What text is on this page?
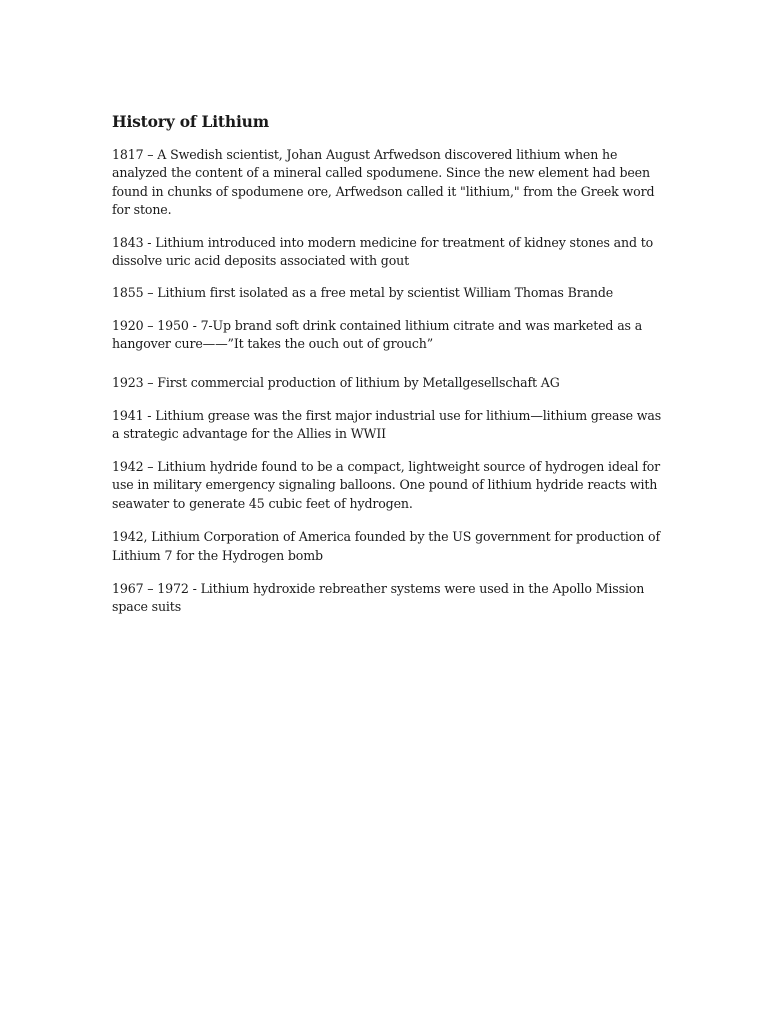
History of Lithium

1817 – A Swedish scientist, Johan August Arfwedson discovered lithium when he analyzed the content of a mineral called spodumene. Since the new element had been found in chunks of spodumene ore, Arfwedson called it "lithium," from the Greek word for stone.

1843 - Lithium introduced into modern medicine for treatment of kidney stones and to dissolve uric acid deposits associated with gout

1855 – Lithium first isolated as a free metal by scientist William Thomas Brande

1920 – 1950 - 7-Up brand soft drink contained lithium citrate and was marketed as a hangover cure——”It takes the ouch out of grouch”

1923 – First commercial production of lithium by Metallgesellschaft AG

1941 - Lithium grease was the first major industrial use for lithium—lithium grease was a strategic advantage for the Allies in WWII

1942 – Lithium hydride found to be a compact, lightweight source of hydrogen ideal for use in military emergency signaling balloons. One pound of lithium hydride reacts with seawater to generate 45 cubic feet of hydrogen.

1942, Lithium Corporation of America founded by the US government for production of Lithium 7 for the Hydrogen bomb

1967 – 1972 - Lithium hydroxide rebreather systems were used in the Apollo Mission space suits
